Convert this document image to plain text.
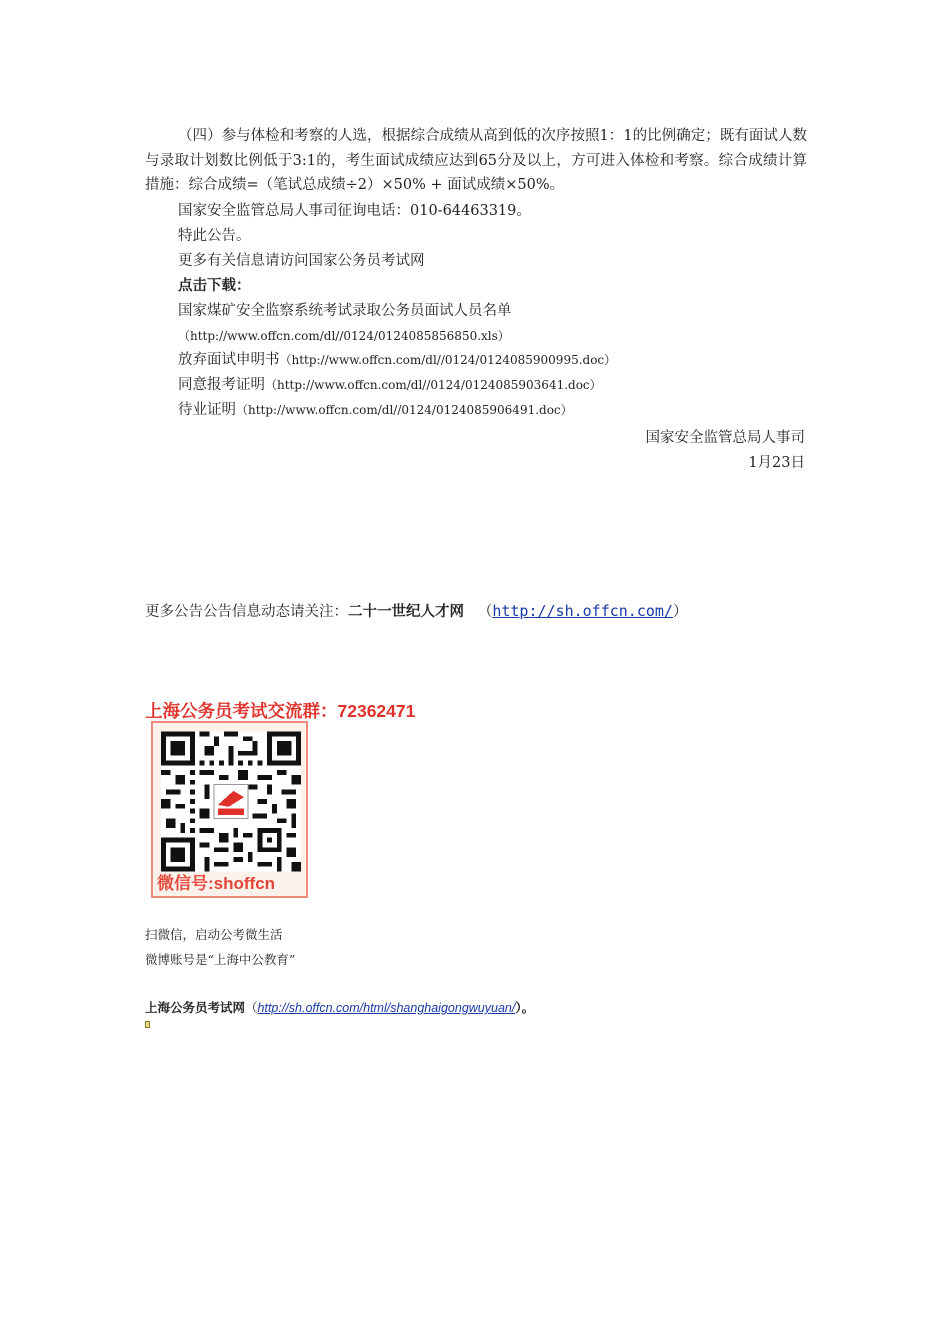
（四）参与体检和考察的人选，根据综合成绩从高到低的次序按照1：1的比例确定；既有面试人数与录取计划数比例低于3:1的，考生面试成绩应达到65分及以上，方可进入体检和考察。综合成绩计算措施：综合成绩=（笔试总成绩÷2）×50% + 面试成绩×50%。
国家安全监管总局人事司征询电话：010-64463319。
特此公告。
更多有关信息请访问国家公务员考试网
点击下载：
国家煤矿安全监察系统考试录取公务员面试人员名单
（http://www.offcn.com/dl//0124/0124085856850.xls）
放弃面试申明书（http://www.offcn.com/dl//0124/0124085900995.doc）
同意报考证明（http://www.offcn.com/dl//0124/0124085903641.doc）
待业证明（http://www.offcn.com/dl//0124/0124085906491.doc）
国家安全监管总局人事司
1月23日
更多公告公告信息动态请关注：二十一世纪人才网 （http://sh.offcn.com/）
上海公务员考试交流群：72362471
微信号:shoffcn
扫微信，启动公考微生活
微博账号是“上海中公教育”
上海公务员考试网（http://sh.offcn.com/html/shanghaigongwuyuan/）。
